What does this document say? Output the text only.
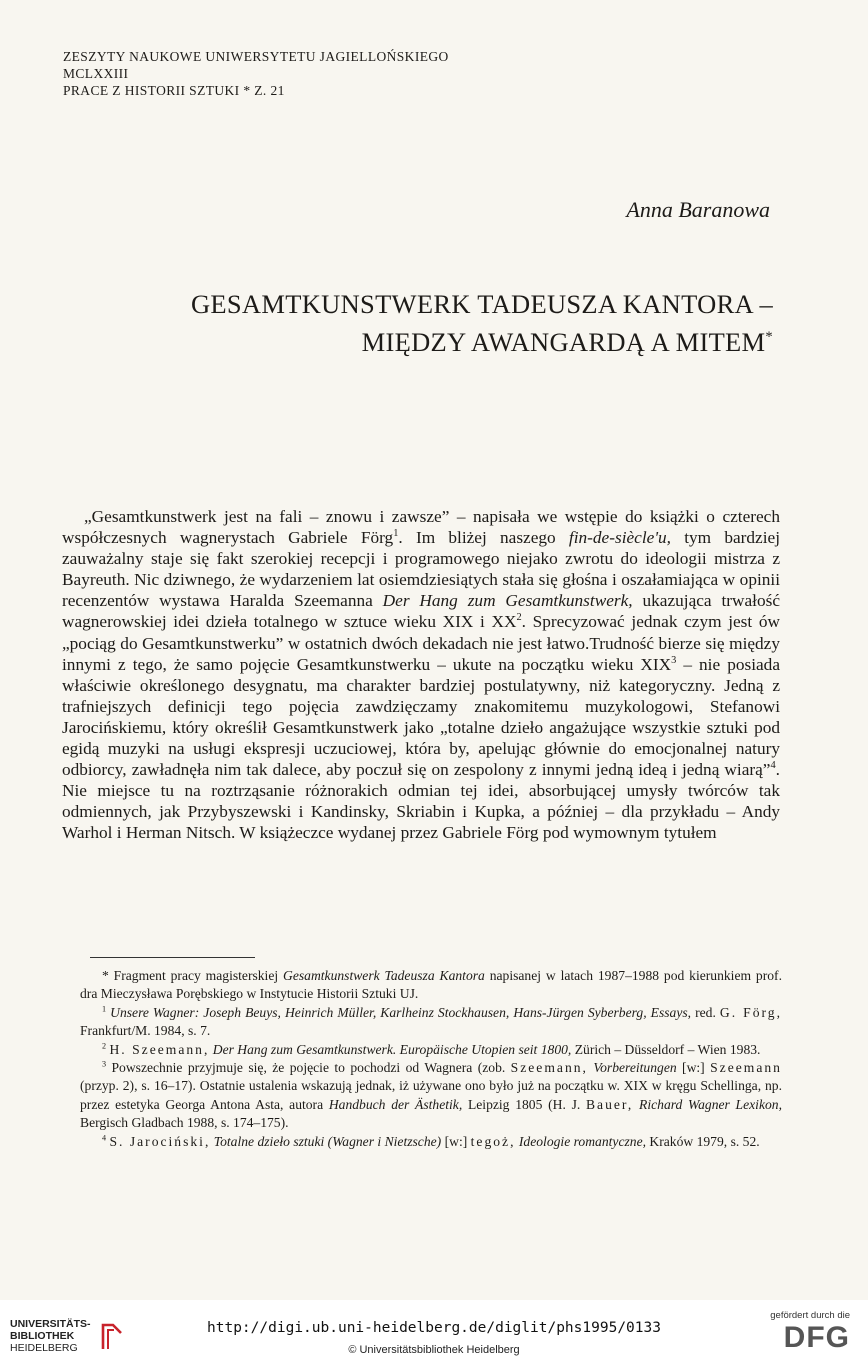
ZESZYTY NAUKOWE UNIWERSYTETU JAGIELLOŃSKIEGO
MCLXXIII
PRACE Z HISTORII SZTUKI * Z. 21
Anna Baranowa
GESAMTKUNSTWERK TADEUSZA KANTORA –
MIĘDZY AWANGARDĄ A MITEM*

„Gesamtkunstwerk jest na fali – znowu i zawsze” – napisała we wstępie do książki o czterech współczesnych wagnerystach Gabriele Förg$^1$. Im bliżej naszego fin-de-siècle'u, tym bardziej zauważalny staje się fakt szerokiej recepcji i programowego niejako zwrotu do ideologii mistrza z Bayreuth. Nic dziwnego, że wydarzeniem lat osiemdziesiątych stała się głośna i oszałamiająca w opinii recenzentów wystawa Haralda Szeemanna Der Hang zum Gesamtkunstwerk, ukazująca trwałość wagnerowskiej idei dzieła totalnego w sztuce wieku XIX i $XX^2$. Sprecyzować jednak czym jest ów „pociąg do Gesamtkunstwerku” w ostatnich dwóch dekadach nie jest łatwo.Trudność bierze się między innymi z tego, że samo pojęcie Gesamtkunstwerku – ukute na początku wieku XIX$^3$ – nie posiada właściwie określonego desygnatu, ma charakter bardziej postulatywny, niż kategoryczny. Jedną z trafniejszych definicji tego pojęcia zawdzięczamy znakomitemu muzykologowi, Stefanowi Jarocińskiemu, który określił Gesamtkunstwerk jako „totalne dzieło angażujące wszystkie sztuki pod egidą muzyki na usługi ekspresji uczuciowej, która by, apelując głównie do emocjonalnej natury odbiorcy, zawładnęła nim tak dalece, aby poczuł się on zespolony z innymi jedną ideą i jedną wiarą”$^4$. Nie miejsce tu na roztrząsanie różnorakich odmian tej idei, absorbującej umysły twórców tak odmiennych, jak Przybyszewski i Kandinsky, Skriabin i Kupka, a później – dla przykładu – Andy Warhol i Herman Nitsch. W książeczce wydanej przez Gabriele Förg pod wymownym tytułem

* Fragment pracy magisterskiej Gesamtkunstwerk Tadeusza Kantora napisanej w latach 1987–1988 pod kierunkiem prof. dra Mieczysława Porębskiego w Instytucie Historii Sztuki UJ.

$^1$ Unsere Wagner: Joseph Beuys, Heinrich Müller, Karlheinz Stockhausen, Hans-Jürgen Syberberg, Essays, red. G. Förg, Frankfurt/M. 1984, s. 7.

$^2$ H. Szeemann, Der Hang zum Gesamtkunstwerk. Europäische Utopien seit 1800, Zürich – Düsseldorf – Wien 1983.

$^3$ Powszechnie przyjmuje się, że pojęcie to pochodzi od Wagnera (zob. Szeemann, Vorbereitungen [w:] Szeemann (przyp. 2), s. 16–17). Ostatnie ustalenia wskazują jednak, iż używane ono było już na początku w. XIX w kręgu Schellinga, np. przez estetyka Georga Antona Asta, autora Handbuch der Ästhetik, Leipzig 1805 (H. J. Bauer, Richard Wagner Lexikon, Bergisch Gladbach 1988, s. 174–175).

$^4$ S. Jarociński, Totalne dzieło sztuki (Wagner i Nietzsche) [w:] tegoż, Ideologie romantyczne, Kraków 1979, s. 52.

UNIVERSITÄTS-
BIBLIOTHEK
HEIDELBERG
http://digi.ub.uni-heidelberg.de/diglit/phs1995/0133
© Universitätsbibliothek Heidelberg
gefördert durch die
DFG
